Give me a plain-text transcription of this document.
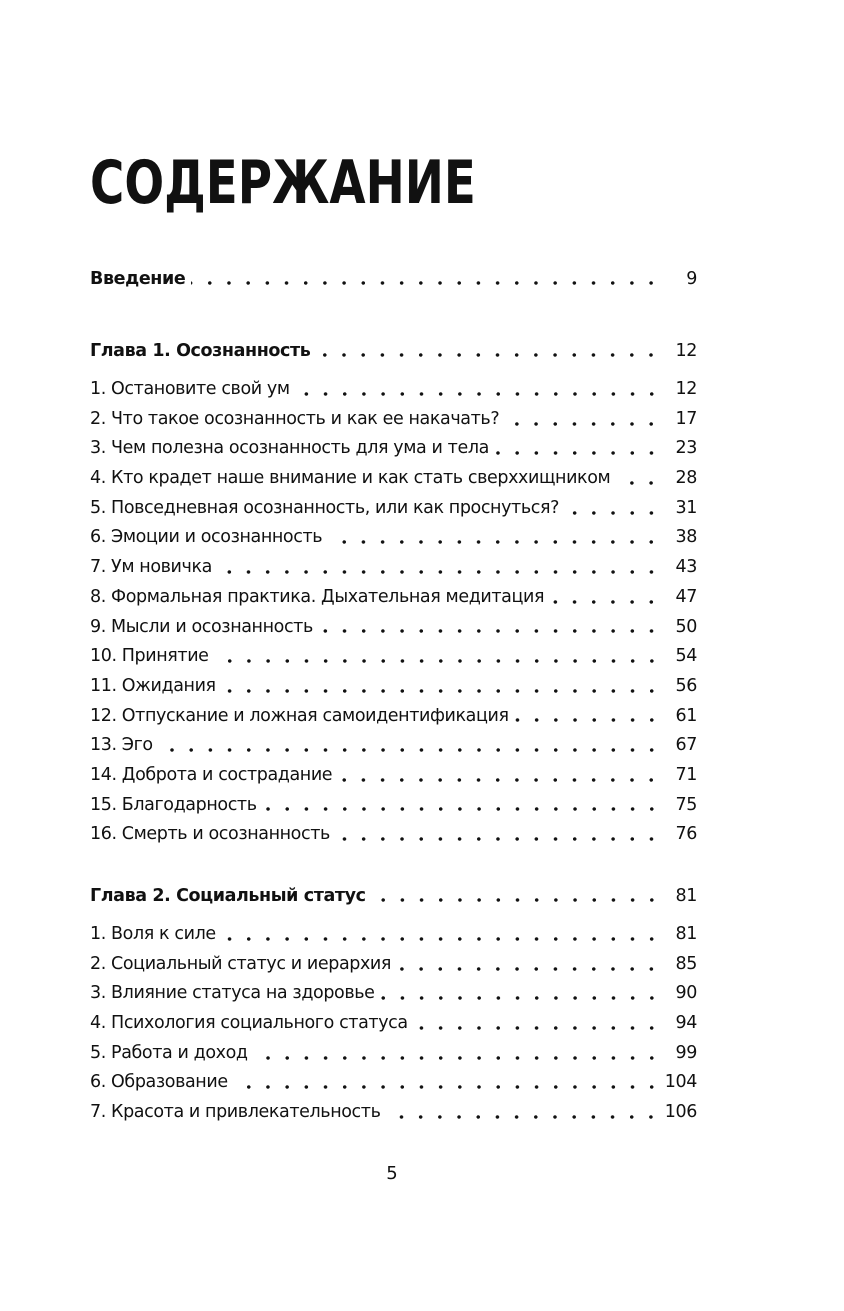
СОДЕРЖАНИЕ
Введение	9
Глава 1. Осознанность	12
1. Остановите свой ум	12
2. Что такое осознанность и как ее накачать?	17
3. Чем полезна осознанность для ума и тела	23
4. Кто крадет наше внимание и как стать сверххищником	28
5. Повседневная осознанность, или как проснуться?	31
6. Эмоции и осознанность	38
7. Ум новичка	43
8. Формальная практика. Дыхательная медитация	47
9. Мысли и осознанность	50
10. Принятие	54
11. Ожидания	56
12. Отпускание и ложная самоидентификация	61
13. Эго	67
14. Доброта и сострадание	71
15. Благодарность	75
16. Смерть и осознанность	76
Глава 2. Социальный статус	81
1. Воля к силе	81
2. Социальный статус и иерархия	85
3. Влияние статуса на здоровье	90
4. Психология социального статуса	94
5. Работа и доход	99
6. Образование	104
7. Красота и привлекательность	106
5
